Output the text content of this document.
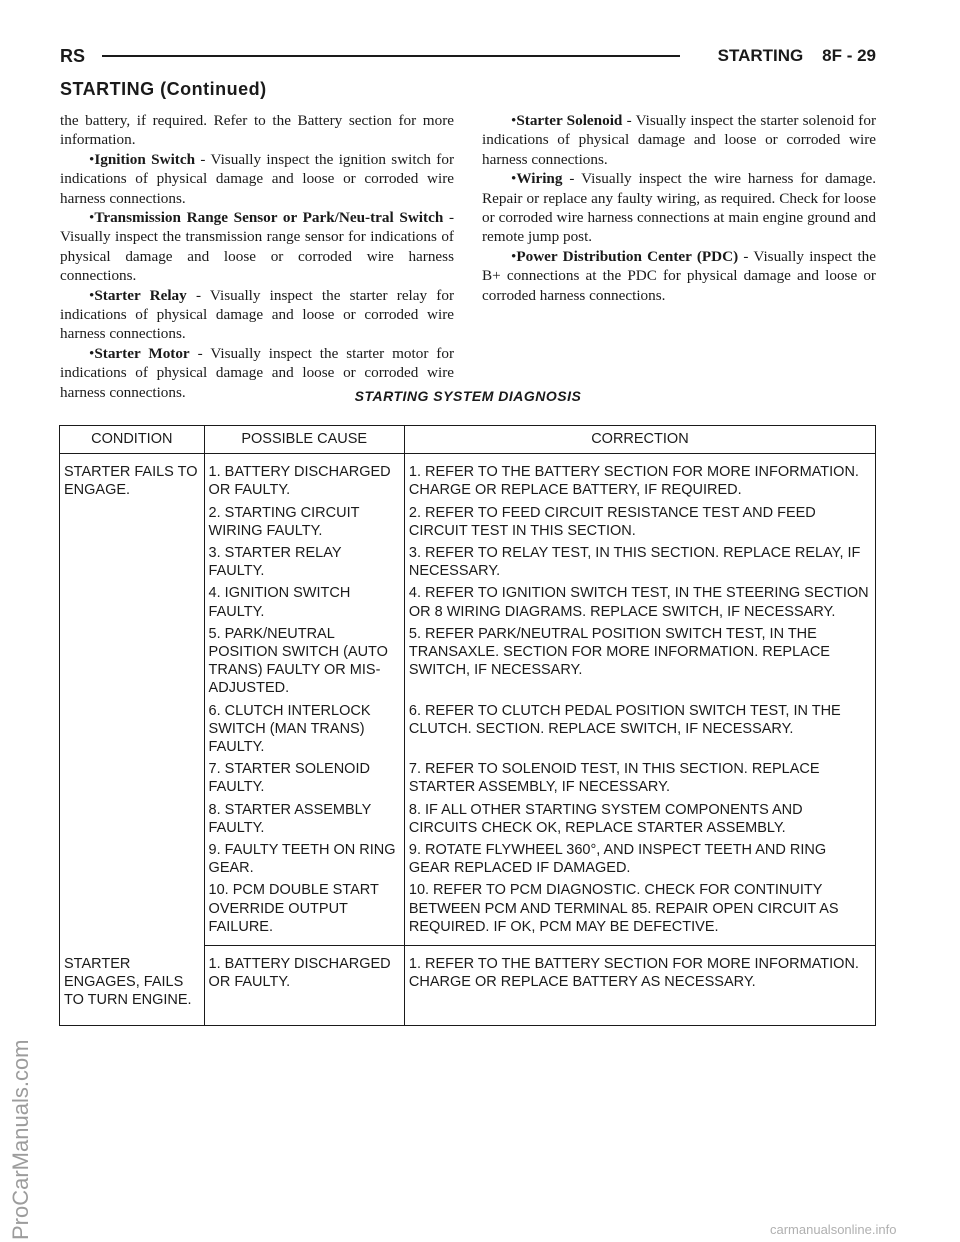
RS	STARTING 8F - 29
STARTING (Continued)

the battery, if required. Refer to the Battery section for more information.

•Ignition Switch - Visually inspect the ignition switch for indications of physical damage and loose or corroded wire harness connections.

•Transmission Range Sensor or Park/Neu-tral Switch - Visually inspect the transmission range sensor for indications of physical damage and loose or corroded wire harness connections.

•Starter Relay - Visually inspect the starter relay for indications of physical damage and loose or corroded wire harness connections.

•Starter Motor - Visually inspect the starter motor for indications of physical damage and loose or corroded wire harness connections.

•Starter Solenoid - Visually inspect the starter solenoid for indications of physical damage and loose or corroded wire harness connections.

•Wiring - Visually inspect the wire harness for damage. Repair or replace any faulty wiring, as required. Check for loose or corroded wire harness connections at main engine ground and remote jump post.

•Power Distribution Center (PDC) - Visually inspect the B+ connections at the PDC for physical damage and loose or corroded harness connections.

STARTING SYSTEM DIAGNOSIS
CONDITION	POSSIBLE CAUSE	CORRECTION
STARTER FAILS TO ENGAGE.	1. BATTERY DISCHARGED OR FAULTY.	1. REFER TO THE BATTERY SECTION FOR MORE INFORMATION. CHARGE OR REPLACE BATTERY, IF REQUIRED.
	2. STARTING CIRCUIT WIRING FAULTY.	2. REFER TO FEED CIRCUIT RESISTANCE TEST AND FEED CIRCUIT TEST IN THIS SECTION.
	3. STARTER RELAY FAULTY.	3. REFER TO RELAY TEST, IN THIS SECTION. REPLACE RELAY, IF NECESSARY.
	4. IGNITION SWITCH FAULTY.	4. REFER TO IGNITION SWITCH TEST, IN THE STEERING SECTION OR 8 WIRING DIAGRAMS. REPLACE SWITCH, IF NECESSARY.
	5. PARK/NEUTRAL POSITION SWITCH (AUTO TRANS) FAULTY OR MIS-ADJUSTED.	5. REFER PARK/NEUTRAL POSITION SWITCH TEST, IN THE TRANSAXLE. SECTION FOR MORE INFORMATION. REPLACE SWITCH, IF NECESSARY.
	6. CLUTCH INTERLOCK SWITCH (MAN TRANS) FAULTY.	6. REFER TO CLUTCH PEDAL POSITION SWITCH TEST, IN THE CLUTCH. SECTION. REPLACE SWITCH, IF NECESSARY.
	7. STARTER SOLENOID FAULTY.	7. REFER TO SOLENOID TEST, IN THIS SECTION. REPLACE STARTER ASSEMBLY, IF NECESSARY.
	8. STARTER ASSEMBLY FAULTY.	8. IF ALL OTHER STARTING SYSTEM COMPONENTS AND CIRCUITS CHECK OK, REPLACE STARTER ASSEMBLY.
	9. FAULTY TEETH ON RING GEAR.	9. ROTATE FLYWHEEL 360°, AND INSPECT TEETH AND RING GEAR REPLACED IF DAMAGED.
	10. PCM DOUBLE START OVERRIDE OUTPUT FAILURE.	10. REFER TO PCM DIAGNOSTIC. CHECK FOR CONTINUITY BETWEEN PCM AND TERMINAL 85. REPAIR OPEN CIRCUIT AS REQUIRED. IF OK, PCM MAY BE DEFECTIVE.
STARTER ENGAGES, FAILS TO TURN ENGINE.	1. BATTERY DISCHARGED OR FAULTY.	1. REFER TO THE BATTERY SECTION FOR MORE INFORMATION. CHARGE OR REPLACE BATTERY AS NECESSARY.
ProCarManuals.com	carmanualsonline.info
